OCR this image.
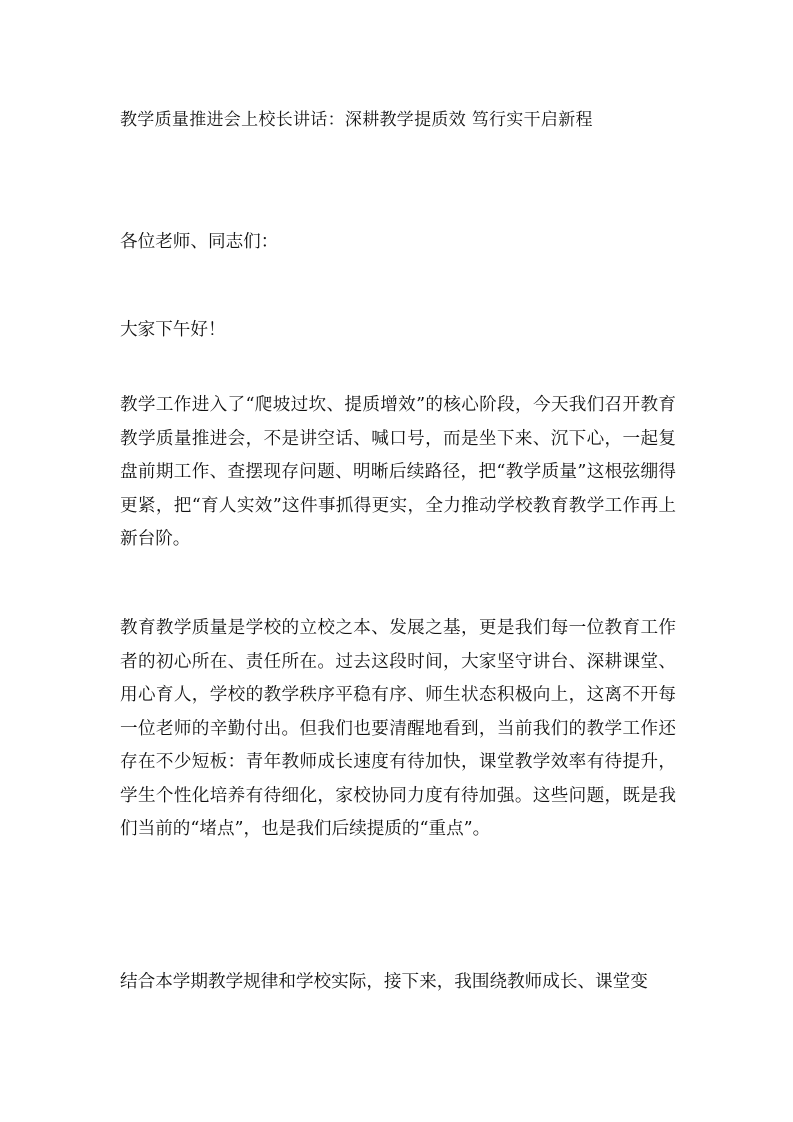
教学质量推进会上校长讲话：深耕教学提质效 笃行实干启新程
各位老师、同志们：
大家下午好！

教学工作进入了“爬坡过坎、提质增效”的核心阶段，今天我们召开教育教学质量推进会，不是讲空话、喊口号，而是坐下来、沉下心，一起复盘前期工作、查摆现存问题、明晰后续路径，把“教学质量”这根弦绷得更紧，把“育人实效”这件事抓得更实，全力推动学校教育教学工作再上新台阶。

教育教学质量是学校的立校之本、发展之基，更是我们每一位教育工作者的初心所在、责任所在。过去这段时间，大家坚守讲台、深耕课堂、用心育人，学校的教学秩序平稳有序、师生状态积极向上，这离不开每一位老师的辛勤付出。但我们也要清醒地看到，当前我们的教学工作还存在不少短板：青年教师成长速度有待加快，课堂教学效率有待提升，学生个性化培养有待细化，家校协同力度有待加强。这些问题，既是我们当前的“堵点”，也是我们后续提质的“重点”。

结合本学期教学规律和学校实际，接下来，我围绕教师成长、课堂变
